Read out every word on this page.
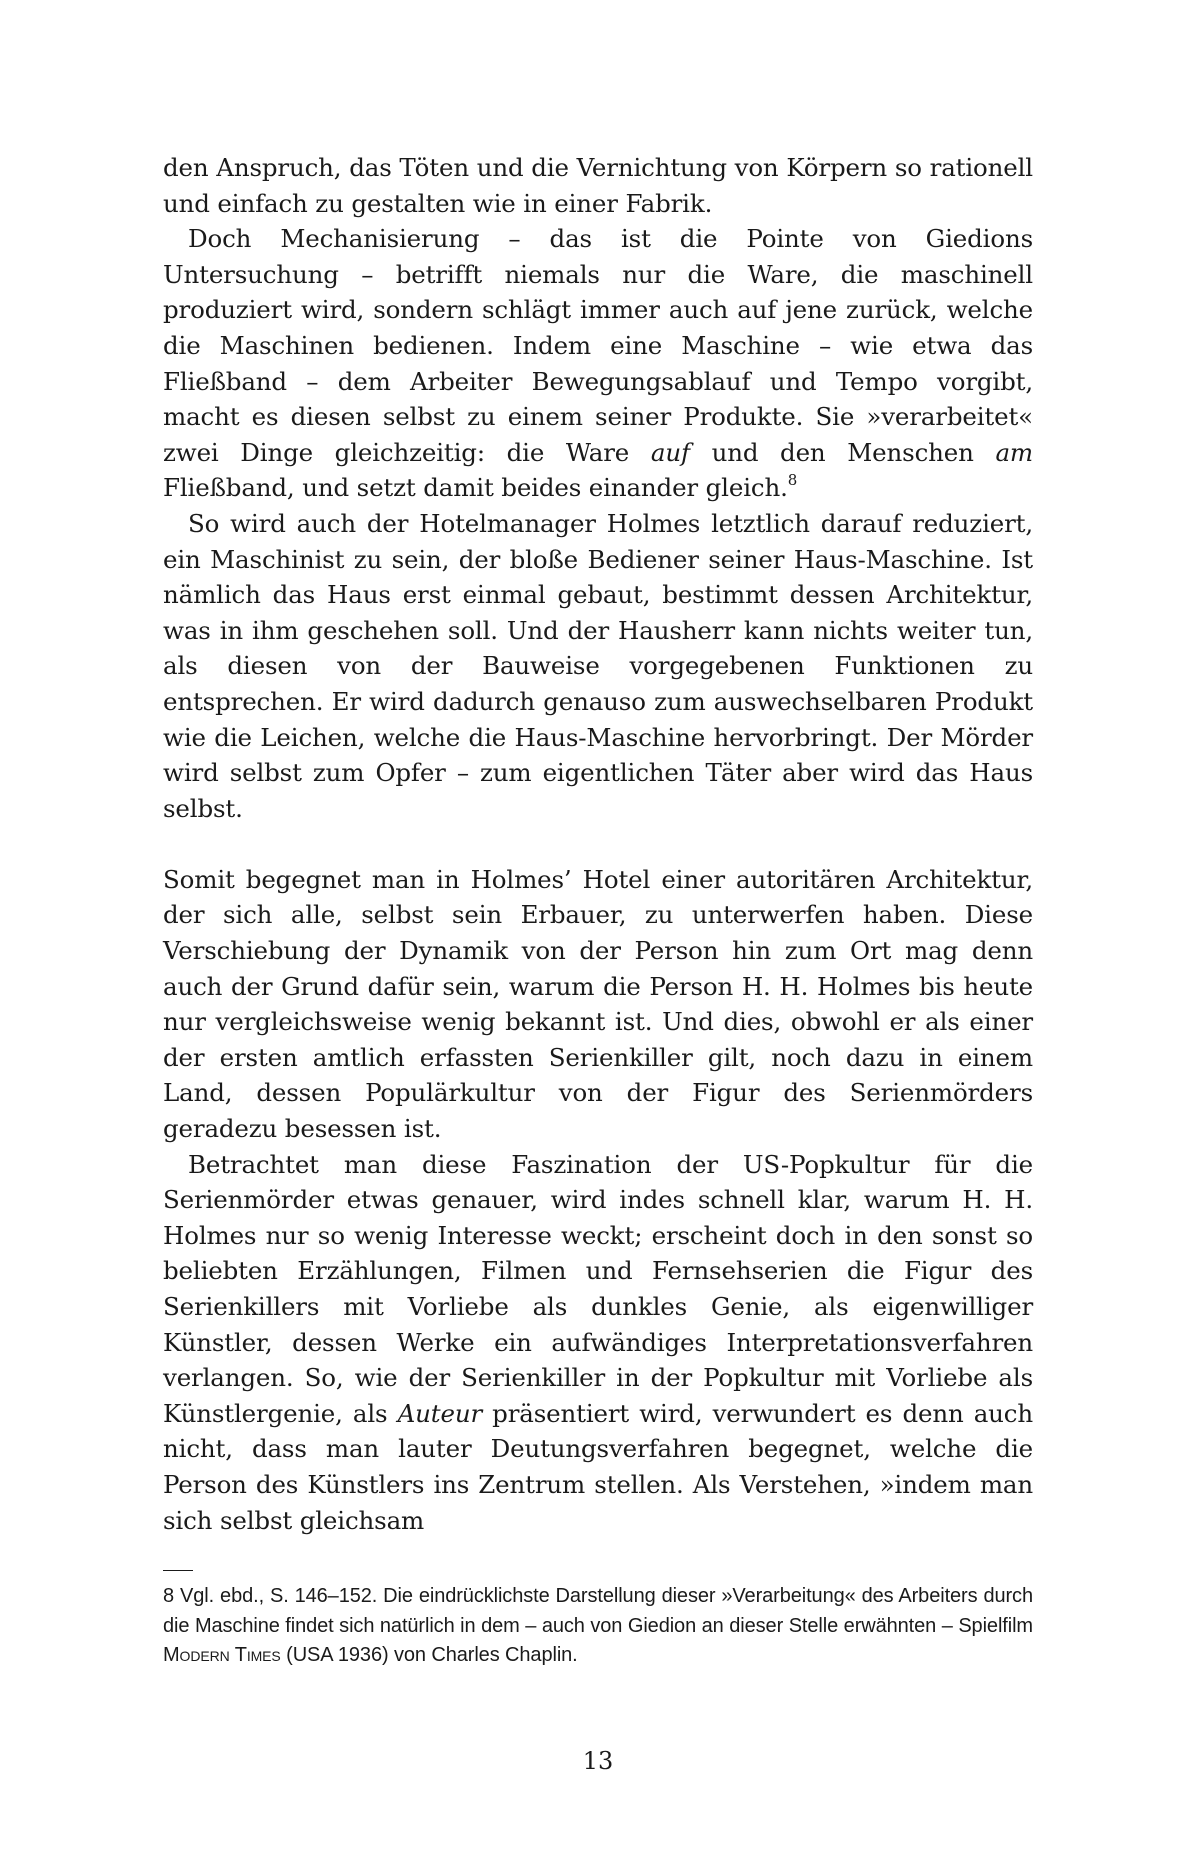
den Anspruch, das Töten und die Vernichtung von Körpern so rationell und einfach zu gestalten wie in einer Fabrik.

Doch Mechanisierung – das ist die Pointe von Giedions Untersuchung – betrifft niemals nur die Ware, die maschinell produziert wird, sondern schlägt immer auch auf jene zurück, welche die Maschinen bedienen. Indem eine Maschine – wie etwa das Fließband – dem Arbeiter Bewegungsablauf und Tempo vorgibt, macht es diesen selbst zu einem seiner Produkte. Sie »verarbeitet« zwei Dinge gleichzeitig: die Ware auf und den Menschen am Fließband, und setzt damit beides einander gleich.$^8$

So wird auch der Hotelmanager Holmes letztlich darauf reduziert, ein Maschinist zu sein, der bloße Bediener seiner Haus-Maschine. Ist nämlich das Haus erst einmal gebaut, bestimmt dessen Architektur, was in ihm geschehen soll. Und der Hausherr kann nichts weiter tun, als diesen von der Bauweise vorgegebenen Funktionen zu entsprechen. Er wird dadurch genauso zum auswechselbaren Produkt wie die Leichen, welche die Haus-Maschine hervorbringt. Der Mörder wird selbst zum Opfer – zum eigentlichen Täter aber wird das Haus selbst.

Somit begegnet man in Holmes’ Hotel einer autoritären Architektur, der sich alle, selbst sein Erbauer, zu unterwerfen haben. Diese Verschiebung der Dynamik von der Person hin zum Ort mag denn auch der Grund dafür sein, warum die Person H. H. Holmes bis heute nur vergleichsweise wenig bekannt ist. Und dies, obwohl er als einer der ersten amtlich erfassten Serienkiller gilt, noch dazu in einem Land, dessen Populärkultur von der Figur des Serienmörders geradezu besessen ist.

Betrachtet man diese Faszination der US-Popkultur für die Serienmörder etwas genauer, wird indes schnell klar, warum H. H. Holmes nur so wenig Interesse weckt; erscheint doch in den sonst so beliebten Erzählungen, Filmen und Fernsehserien die Figur des Serienkillers mit Vorliebe als dunkles Genie, als eigenwilliger Künstler, dessen Werke ein aufwändiges Interpretationsverfahren verlangen. So, wie der Serienkiller in der Popkultur mit Vorliebe als Künstlergenie, als Auteur präsentiert wird, verwundert es denn auch nicht, dass man lauter Deutungsverfahren begegnet, welche die Person des Künstlers ins Zentrum stellen. Als Verstehen, »indem man sich selbst gleichsam

8 Vgl. ebd., S. 146–152. Die eindrücklichste Darstellung dieser »Verarbeitung« des Arbeiters durch die Maschine findet sich natürlich in dem – auch von Giedion an dieser Stelle erwähnten – Spielfilm Modern Times (USA 1936) von Charles Chaplin.

13
